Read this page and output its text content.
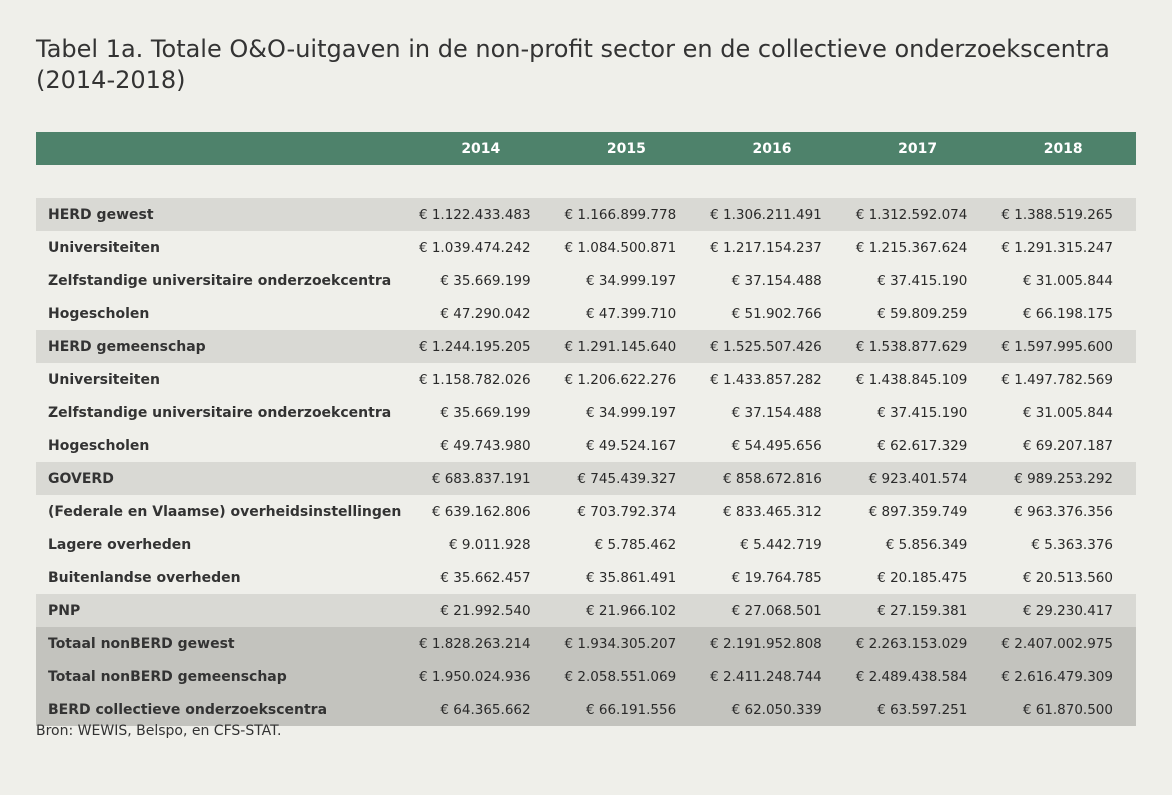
Tabel 1a. Totale O&O-uitgaven in de non-profit sector en de collectieve onderzoekscentra (2014-2018)
	2014	2015	2016	2017	2018

HERD gewest	€ 1.122.433.483	€ 1.166.899.778	€ 1.306.211.491	€ 1.312.592.074	€ 1.388.519.265
Universiteiten	€ 1.039.474.242	€ 1.084.500.871	€ 1.217.154.237	€ 1.215.367.624	€ 1.291.315.247
Zelfstandige universitaire onderzoekcentra	€ 35.669.199	€ 34.999.197	€ 37.154.488	€ 37.415.190	€ 31.005.844
Hogescholen	€ 47.290.042	€ 47.399.710	€ 51.902.766	€ 59.809.259	€ 66.198.175
HERD gemeenschap	€ 1.244.195.205	€ 1.291.145.640	€ 1.525.507.426	€ 1.538.877.629	€ 1.597.995.600
Universiteiten	€ 1.158.782.026	€ 1.206.622.276	€ 1.433.857.282	€ 1.438.845.109	€ 1.497.782.569
Zelfstandige universitaire onderzoekcentra	€ 35.669.199	€ 34.999.197	€ 37.154.488	€ 37.415.190	€ 31.005.844
Hogescholen	€ 49.743.980	€ 49.524.167	€ 54.495.656	€ 62.617.329	€ 69.207.187
GOVERD	€ 683.837.191	€ 745.439.327	€ 858.672.816	€ 923.401.574	€ 989.253.292
(Federale en Vlaamse) overheidsinstellingen	€ 639.162.806	€ 703.792.374	€ 833.465.312	€ 897.359.749	€ 963.376.356
Lagere overheden	€ 9.011.928	€ 5.785.462	€ 5.442.719	€ 5.856.349	€ 5.363.376
Buitenlandse overheden	€ 35.662.457	€ 35.861.491	€ 19.764.785	€ 20.185.475	€ 20.513.560
PNP	€ 21.992.540	€ 21.966.102	€ 27.068.501	€ 27.159.381	€ 29.230.417
Totaal nonBERD gewest	€ 1.828.263.214	€ 1.934.305.207	€ 2.191.952.808	€ 2.263.153.029	€ 2.407.002.975
Totaal nonBERD gemeenschap	€ 1.950.024.936	€ 2.058.551.069	€ 2.411.248.744	€ 2.489.438.584	€ 2.616.479.309
BERD collectieve onderzoekscentra	€ 64.365.662	€ 66.191.556	€ 62.050.339	€ 63.597.251	€ 61.870.500
Bron: WEWIS, Belspo, en CFS-STAT.
